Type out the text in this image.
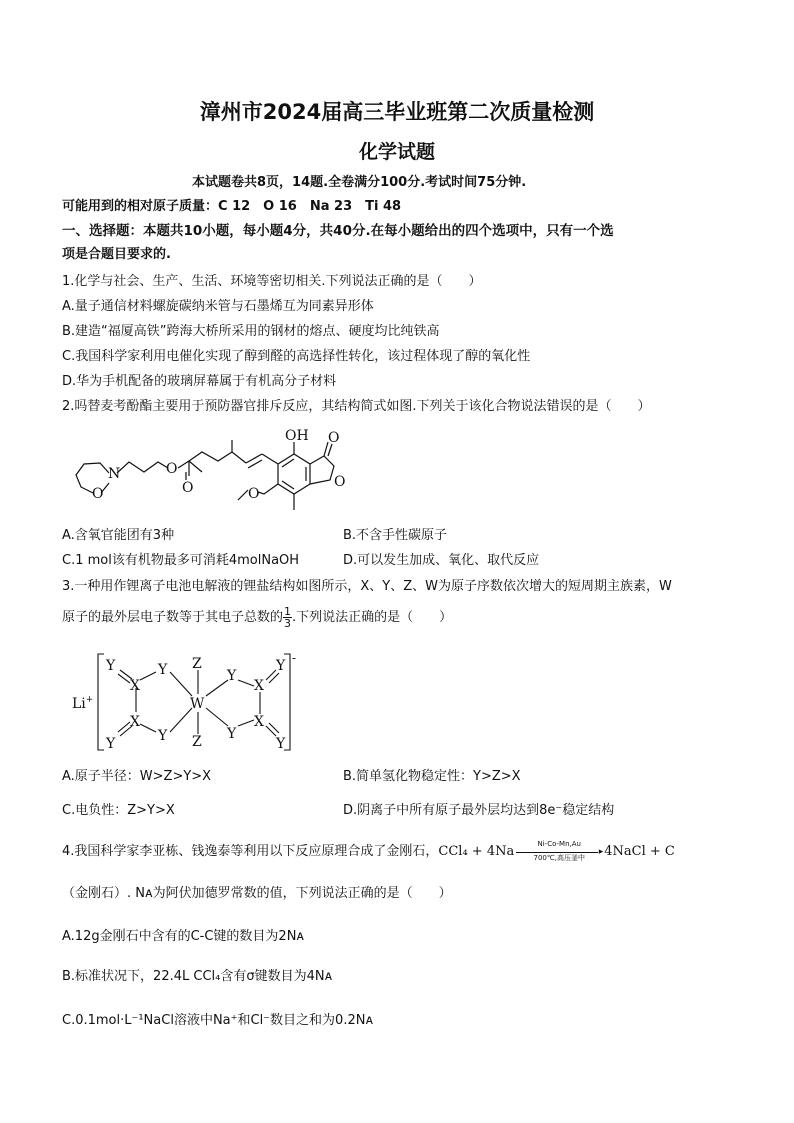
漳州市2024届高三毕业班第二次质量检测
化学试题
本试题卷共8页，14题.全卷满分100分.考试时间75分钟.
可能用到的相对原子质量：C 12　O 16　Na 23　Ti 48
一、选择题：本题共10小题，每小题4分，共40分.在每小题给出的四个选项中，只有一个选
项是合题目要求的.
1.化学与社会、生产、生活、环境等密切相关.下列说法正确的是（　　）
A.量子通信材料螺旋碳纳米管与石墨烯互为同素异形体
B.建造“福厦高铁”跨海大桥所采用的钢材的熔点、硬度均比纯铁高
C.我国科学家利用电催化实现了醇到醛的高选择性转化，该过程体现了醇的氧化性
D.华为手机配备的玻璃屏幕属于有机高分子材料
2.吗替麦考酚酯主要用于预防器官排斥反应，其结构简式如图.下列关于该化合物说法错误的是（　　）
N
O
O
O
OH
O
O
O
A.含氧官能团有3种	B.不含手性碳原子
C.1 mol该有机物最多可消耗4molNaOH	D.可以发生加成、氧化、取代反应
3.一种用作锂离子电池电解液的锂盐结构如图所示，X、Y、Z、W为原子序数依次增大的短周期主族素，W
原子的最外层电子数等于其电子总数的 $\frac{1}{3}$ .下列说法正确的是（　　）
Li+
-
Y
X
Y Z
W
Z
X
Y	Y
Y
X
Y
Y
X
Y
A.原子半径：W>Z>Y>X	B.简单氢化物稳定性：Y>Z>X
C.电负性：Z>Y>X	D.阴离子中所有原子最外层均达到8e⁻稳定结构
4.我国科学家李亚栋、钱逸泰等利用以下反应原理合成了金刚石，CCl₄ + 4Na	Ni-Co-Mn,Au
▸
700℃,高压釜中	4NaCl + C
（金刚石）. Nᴀ为阿伏加德罗常数的值，下列说法正确的是（　　）
A.12g金刚石中含有的C-C键的数目为2Nᴀ
B.标准状况下，22.4L CCl₄含有σ键数目为4Nᴀ
C.0.1mol·L⁻¹NaCl溶液中Na⁺和Cl⁻数目之和为0.2Nᴀ
